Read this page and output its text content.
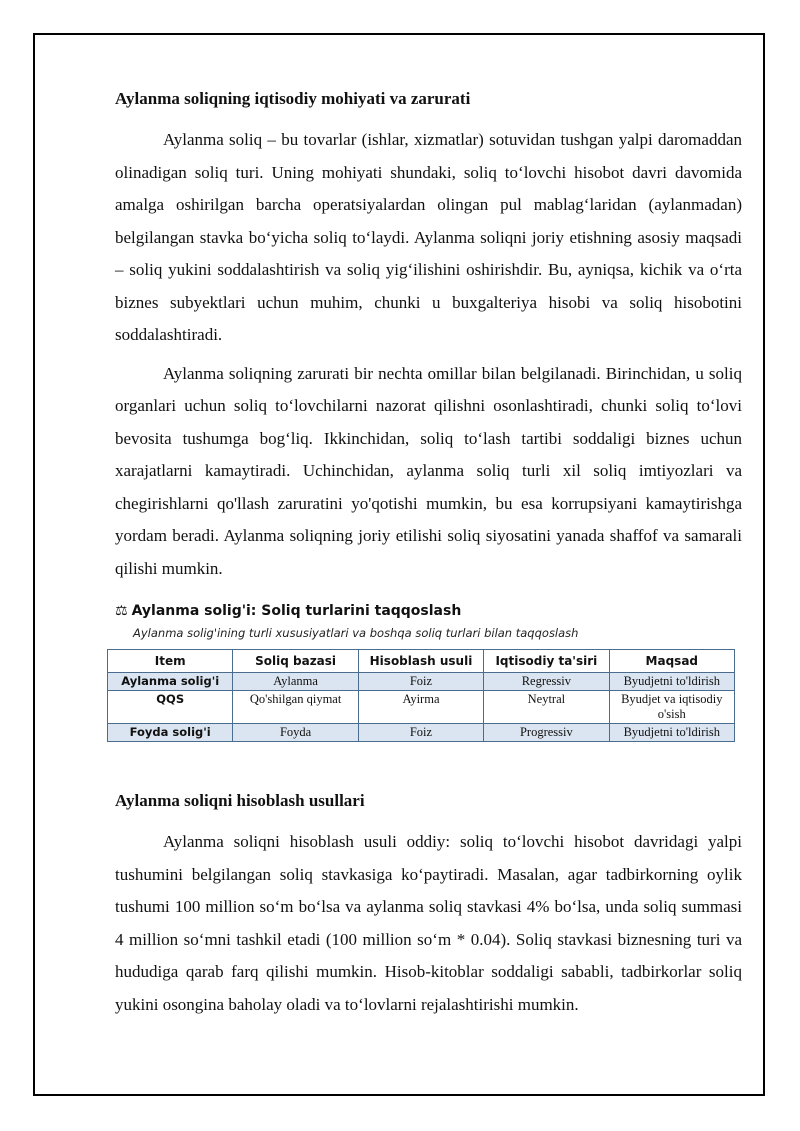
Aylanma soliqning iqtisodiy mohiyati va zarurati

Aylanma soliq – bu tovarlar (ishlar, xizmatlar) sotuvidan tushgan yalpi daromaddan olinadigan soliq turi. Uning mohiyati shundaki, soliq to‘lovchi hisobot davri davomida amalga oshirilgan barcha operatsiyalardan olingan pul mablag‘laridan (aylanmadan) belgilangan stavka bo‘yicha soliq to‘laydi. Aylanma soliqni joriy etishning asosiy maqsadi – soliq yukini soddalashtirish va soliq yig‘ilishini oshirishdir. Bu, ayniqsa, kichik va o‘rta biznes subyektlari uchun muhim, chunki u buxgalteriya hisobi va soliq hisobotini soddalashtiradi.

Aylanma soliqning zarurati bir nechta omillar bilan belgilanadi. Birinchidan, u soliq organlari uchun soliq to‘lovchilarni nazorat qilishni osonlashtiradi, chunki soliq to‘lovi bevosita tushumga bog‘liq. Ikkinchidan, soliq to‘lash tartibi soddaligi biznes uchun xarajatlarni kamaytiradi. Uchinchidan, aylanma soliq turli xil soliq imtiyozlari va chegirishlarni qo'llash zaruratini yo'qotishi mumkin, bu esa korrupsiyani kamaytirishga yordam beradi. Aylanma soliqning joriy etilishi soliq siyosatini yanada shaffof va samarali qilishi mumkin.

⚖ Aylanma solig'i: Soliq turlarini taqqoslash
Aylanma solig'ining turli xususiyatlari va boshqa soliq turlari bilan taqqoslash
Item	Soliq bazasi	Hisoblash usuli	Iqtisodiy ta'siri	Maqsad
Aylanma solig'i	Aylanma	Foiz	Regressiv	Byudjetni to'ldirish
QQS	Qo'shilgan qiymat	Ayirma	Neytral	Byudjet va iqtisodiy o'sish
Foyda solig'i	Foyda	Foiz	Progressiv	Byudjetni to'ldirish
Aylanma soliqni hisoblash usullari

Aylanma soliqni hisoblash usuli oddiy: soliq to‘lovchi hisobot davridagi yalpi tushumini belgilangan soliq stavkasiga ko‘paytiradi. Masalan, agar tadbirkorning oylik tushumi 100 million so‘m bo‘lsa va aylanma soliq stavkasi 4% bo‘lsa, unda soliq summasi 4 million so‘mni tashkil etadi (100 million so‘m * 0.04). Soliq stavkasi biznesning turi va hududiga qarab farq qilishi mumkin. Hisob-kitoblar soddaligi sababli, tadbirkorlar soliq yukini osongina baholay oladi va to‘lovlarni rejalashtirishi mumkin.
